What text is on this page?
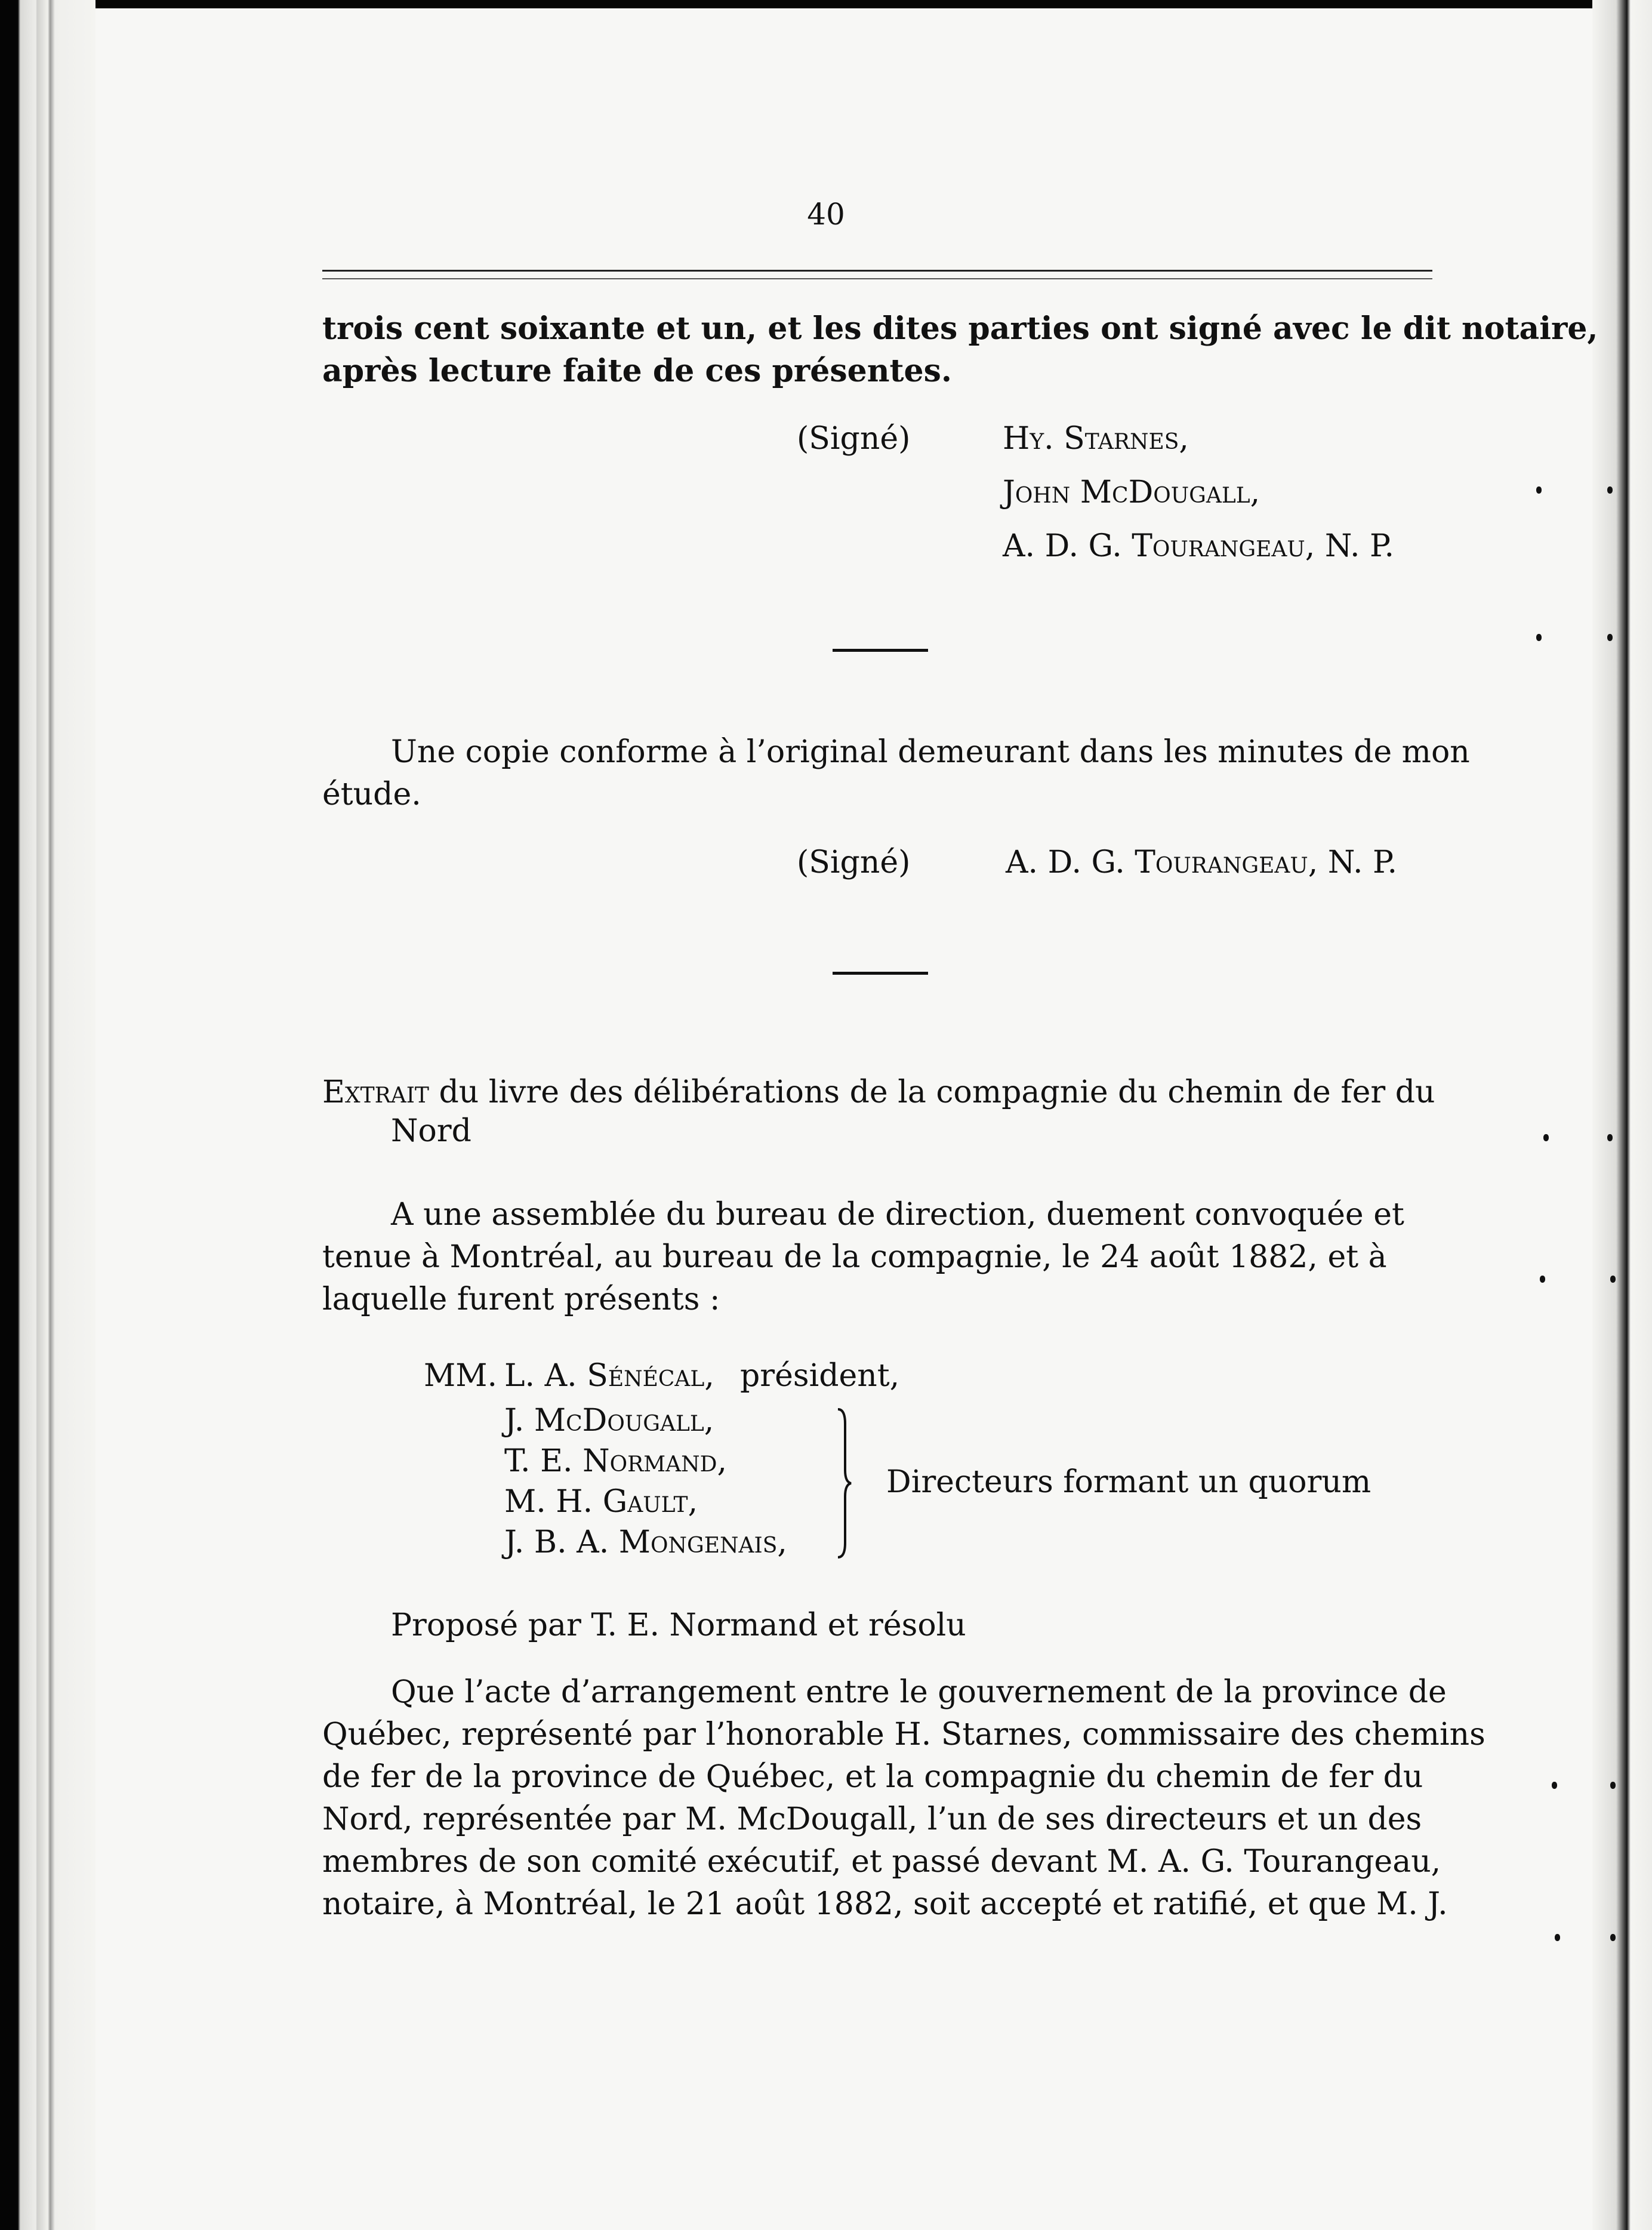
40
trois cent soixante et un, et les dites parties ont signé avec le dit notaire,
après lecture faite de ces présentes.
(Signé)	Hy. Starnes,
John McDougall,
A. D. G. Tourangeau, N. P.
Une copie conforme à l’original demeurant dans les minutes de mon
étude.
(Signé)	A. D. G. Tourangeau, N. P.
Extrait du livre des délibérations de la compagnie du chemin de fer du
Nord
A une assemblée du bureau de direction, duement convoquée et
tenue à Montréal, au bureau de la compagnie, le 24 août 1882, et à
laquelle furent présents :
MM. L. A. Sénécal, président,
J. McDougall,
T. E. Normand,
M. H. Gault,
J. B. A. Mongenais,
Directeurs formant un quorum
Proposé par T. E. Normand et résolu
Que l’acte d’arrangement entre le gouvernement de la province de
Québec, représenté par l’honorable H. Starnes, commissaire des chemins
de fer de la province de Québec, et la compagnie du chemin de fer du
Nord, représentée par M. McDougall, l’un de ses directeurs et un des
membres de son comité exécutif, et passé devant M. A. G. Tourangeau,
notaire, à Montréal, le 21 août 1882, soit accepté et ratifié, et que M. J.
